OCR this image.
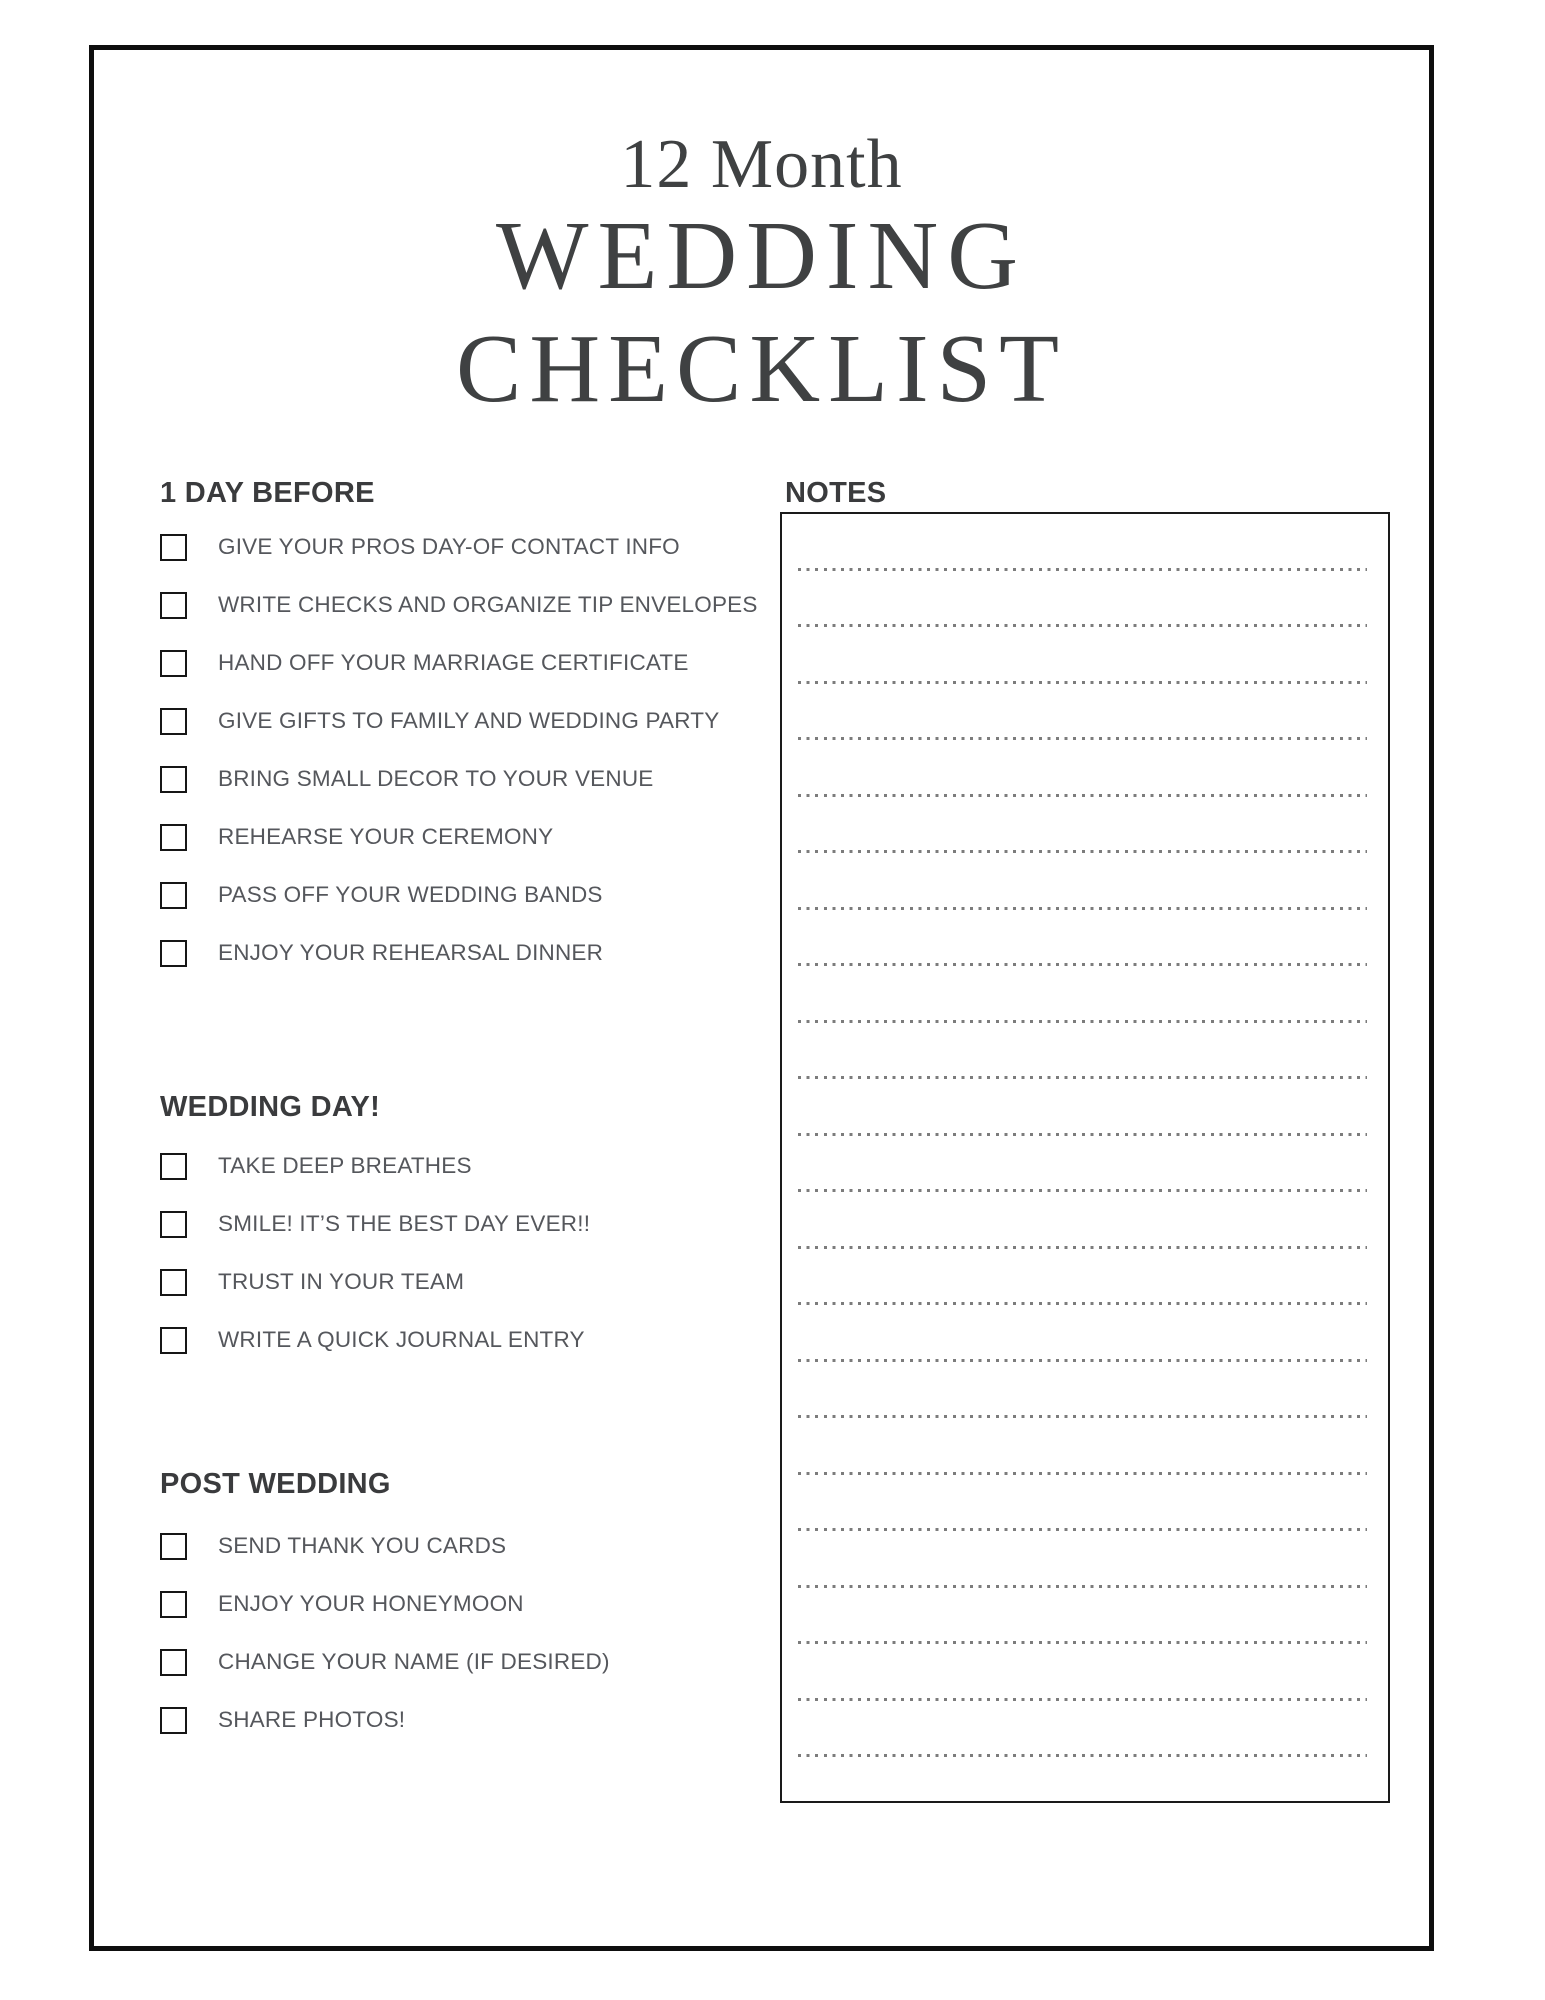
12 Month
WEDDING
CHECKLIST
1 DAY BEFORE
GIVE YOUR PROS DAY-OF CONTACT INFO
WRITE CHECKS AND ORGANIZE TIP ENVELOPES
HAND OFF YOUR MARRIAGE CERTIFICATE
GIVE GIFTS TO FAMILY AND WEDDING PARTY
BRING SMALL DECOR TO YOUR VENUE
REHEARSE YOUR CEREMONY
PASS OFF YOUR WEDDING BANDS
ENJOY YOUR REHEARSAL DINNER
WEDDING DAY!
TAKE DEEP BREATHES
SMILE! IT’S THE BEST DAY EVER!!
TRUST IN YOUR TEAM
WRITE A QUICK JOURNAL ENTRY
POST WEDDING
SEND THANK YOU CARDS
ENJOY YOUR HONEYMOON
CHANGE YOUR NAME (IF DESIRED)
SHARE PHOTOS!
NOTES
